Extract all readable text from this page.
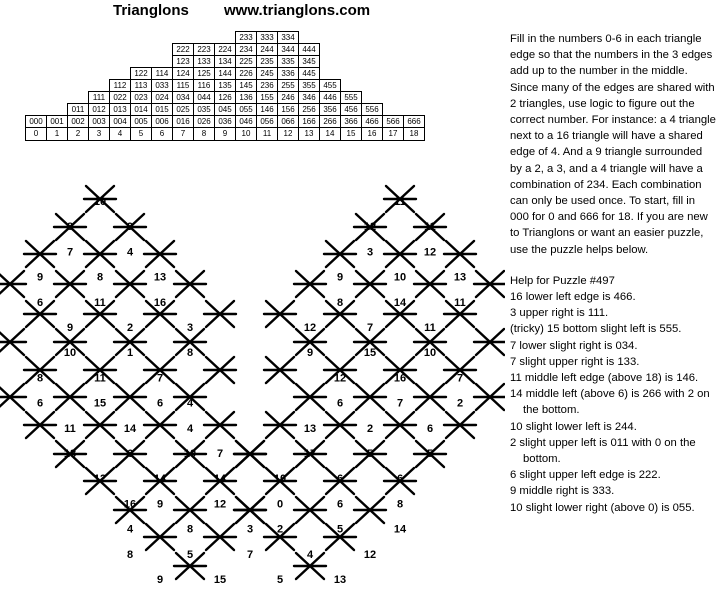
Trianglons www.trianglons.com
										233	333	334						
							222	223	224	234	244	344	444					
							123	133	134	225	235	335	345					
					122	114	124	125	144	226	245	336	445					
				112	113	033	115	116	135	145	236	255	355	455				
			111	022	023	024	034	044	126	136	155	246	346	446	555			
		011	012	013	014	015	025	035	045	055	146	156	256	356	456	556		
000	001	002	003	004	005	006	016	026	036	046	056	066	166	266	366	466	566	666
0	1	2	3	4	5	6	7	8	9	10	11	12	13	14	15	16	17	18
10
8	9
7	4
9	8	13
6	11	16
9	2	3
10	1	8
8	11	7
6	15	6 4
11	14	4
18	6	10 7
12	14	14
16 9	12
4	8	3
8	5	7
9	15	5
11
12	11
3	12
9	10	13
8	14	11
12	7	11
9	15	10
12	16	7
6	7	2
13	2	6
17	5	5
10	6	6
0	6	8
2	5	14
4	12
13

Fill in the numbers 0-6 in each triangle edge so that the numbers in the 3 edges add up to the number in the middle. Since many of the edges are shared with 2 triangles, use logic to figure out the correct number. For instance: a 4 triangle next to a 16 triangle will have a shared edge of 4. And a 9 triangle surrounded by a 2, a 3, and a 4 triangle will have a combination of 234. Each combination can only be used once. To start, fill in 000 for 0 and 666 for 18. If you are new to Trianglons or want an easier puzzle, use the puzzle helps below.

Help for Puzzle #497

16 lower left edge is 466.

3 upper right is 111.

(tricky) 15 bottom slight left is 555.

7 lower slight right is 034.

7 slight upper right is 133.

11 middle left edge (above 18) is 146.

14 middle left (above 6) is 266 with 2 on the bottom.

10 slight lower left is 244.

2 slight upper left is 011 with 0 on the bottom.

6 slight upper left edge is 222.

9 middle right is 333.

10 slight lower right (above 0) is 055.
